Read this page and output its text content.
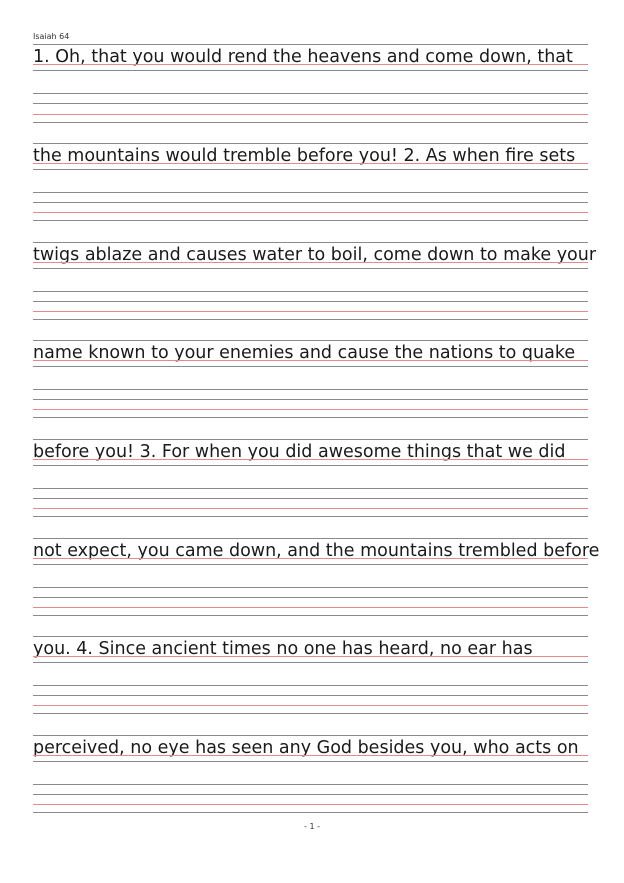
Isaiah 64
1. Oh, that you would rend the heavens and come down, that
the mountains would tremble before you! 2. As when fire sets
twigs ablaze and causes water to boil, come down to make your
name known to your enemies and cause the nations to quake
before you! 3. For when you did awesome things that we did
not expect, you came down, and the mountains trembled before
you. 4. Since ancient times no one has heard, no ear has
perceived, no eye has seen any God besides you, who acts on
- 1 -
